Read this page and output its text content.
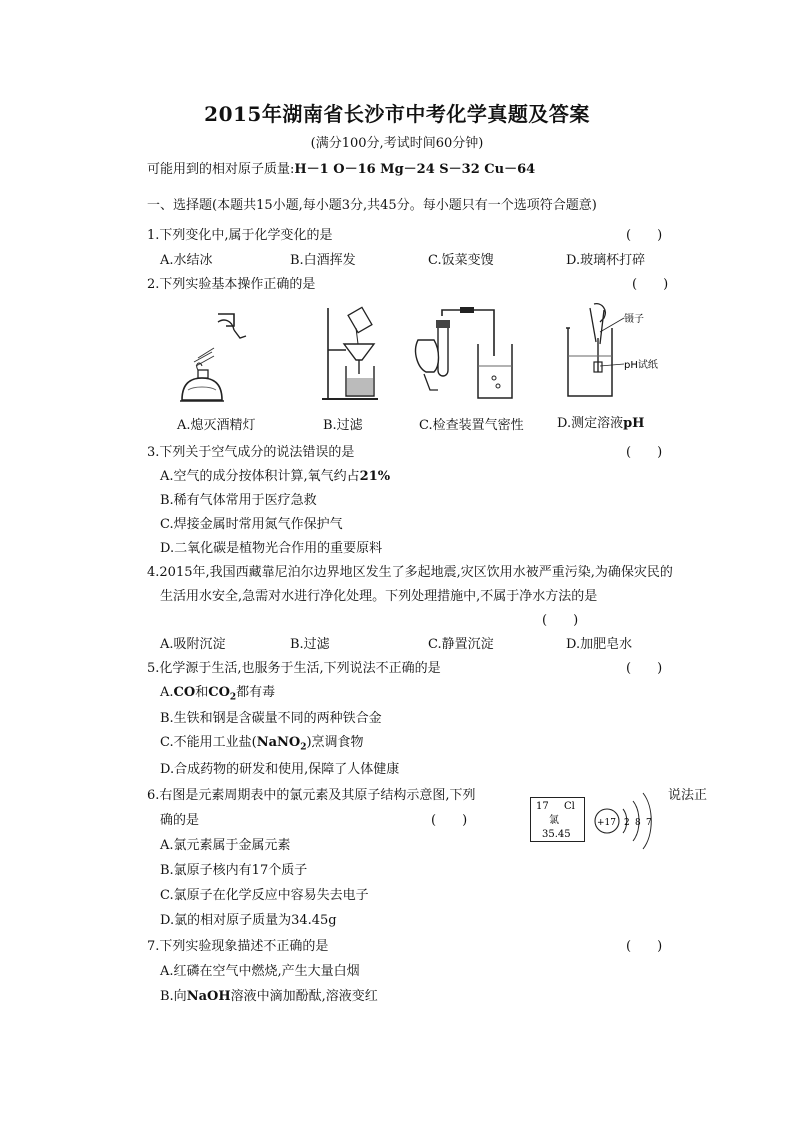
2015年湖南省长沙市中考化学真题及答案
(满分100分,考试时间60分钟)
可能用到的相对原子质量:H－1 O－16 Mg－24 S－32 Cu－64
一、选择题(本题共15小题,每小题3分,共45分。每小题只有一个选项符合题意)
1.下列变化中,属于化学变化的是	(　　)
A.水结冰	B.白酒挥发	C.饭菜变馊	D.玻璃杯打碎
2.下列实验基本操作正确的是	(　　)
镊子
pH试纸
A.熄灭酒精灯	B.过滤	C.检查装置气密性	D.测定溶液pH
3.下列关于空气成分的说法错误的是	(　　)
A.空气的成分按体积计算,氧气约占21%
B.稀有气体常用于医疗急救
C.焊接金属时常用氮气作保护气
D.二氧化碳是植物光合作用的重要原料
4.2015年,我国西藏靠尼泊尔边界地区发生了多起地震,灾区饮用水被严重污染,为确保灾民的
生活用水安全,急需对水进行净化处理。下列处理措施中,不属于净水方法的是
(　　)
A.吸附沉淀	B.过滤	C.静置沉淀	D.加肥皂水
5.化学源于生活,也服务于生活,下列说法不正确的是	(　　)
A.CO和$CO_2$都有毒
B.生铁和钢是含碳量不同的两种铁合金
C.不能用工业盐(NaNO$_2$)烹调食物
D.合成药物的研发和使用,保障了人体健康
6.右图是元素周期表中的氯元素及其原子结构示意图,下列	说法正
确的是	(　　)
17 Cl
氯
35.45
+17 2 8 7
A.氯元素属于金属元素
B.氯原子核内有17个质子
C.氯原子在化学反应中容易失去电子
D.氯的相对原子质量为34.45g
7.下列实验现象描述不正确的是	(　　)
A.红磷在空气中燃烧,产生大量白烟
B.向NaOH溶液中滴加酚酞,溶液变红
